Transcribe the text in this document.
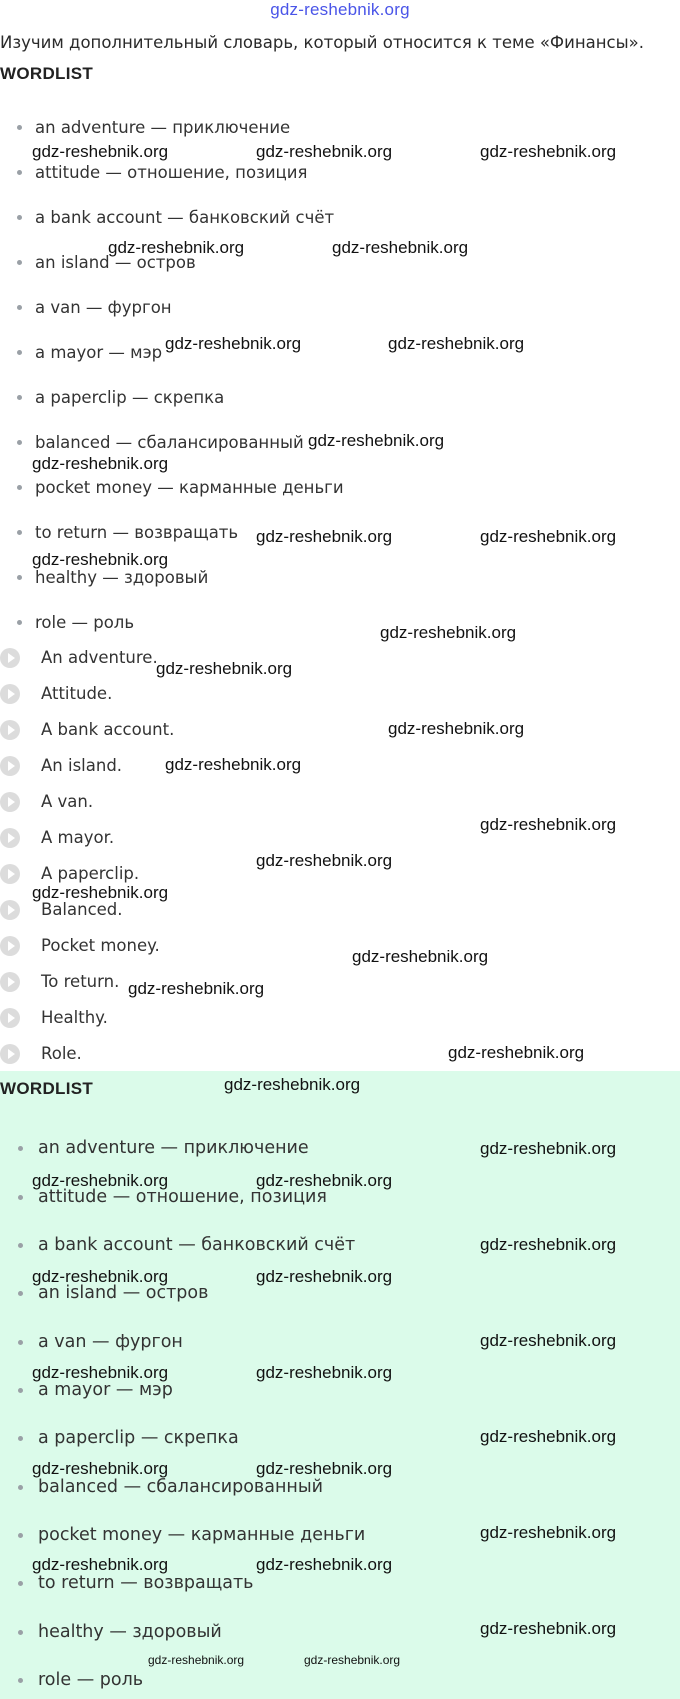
gdz-reshebnik.org
Изучим дополнительный словарь, который относится к теме «Финансы».
WORDLIST
an adventure — приключение
attitude — отношение, позиция
a bank account — банковский счёт
an island — остров
a van — фургон
a mayor — мэр
a paperclip — скрепка
balanced — сбалансированный
pocket money — карманные деньги
to return — возвращать
healthy — здоровый
role — роль
An adventure.
Attitude.
A bank account.
An island.
A van.
A mayor.
A paperclip.
Balanced.
Pocket money.
To return.
Healthy.
Role.
WORDLIST
an adventure — приключение
attitude — отношение, позиция
a bank account — банковский счёт
an island — остров
a van — фургон
a mayor — мэр
a paperclip — скрепка
balanced — сбалансированный
pocket money — карманные деньги
to return — возвращать
healthy — здоровый
role — роль
gdz-reshebnik.org	gdz-reshebnik.org	gdz-reshebnik.org
gdz-reshebnik.org	gdz-reshebnik.org
gdz-reshebnik.org	gdz-reshebnik.org
gdz-reshebnik.org
gdz-reshebnik.org
gdz-reshebnik.org	gdz-reshebnik.org
gdz-reshebnik.org
gdz-reshebnik.org
gdz-reshebnik.org
gdz-reshebnik.org
gdz-reshebnik.org
gdz-reshebnik.org
gdz-reshebnik.org
gdz-reshebnik.org
gdz-reshebnik.org
gdz-reshebnik.org
gdz-reshebnik.org
gdz-reshebnik.org
gdz-reshebnik.org
gdz-reshebnik.org	gdz-reshebnik.org
gdz-reshebnik.org
gdz-reshebnik.org	gdz-reshebnik.org
gdz-reshebnik.org
gdz-reshebnik.org	gdz-reshebnik.org
gdz-reshebnik.org
gdz-reshebnik.org	gdz-reshebnik.org
gdz-reshebnik.org
gdz-reshebnik.org	gdz-reshebnik.org
gdz-reshebnik.org
gdz-reshebnik.org	gdz-reshebnik.org
